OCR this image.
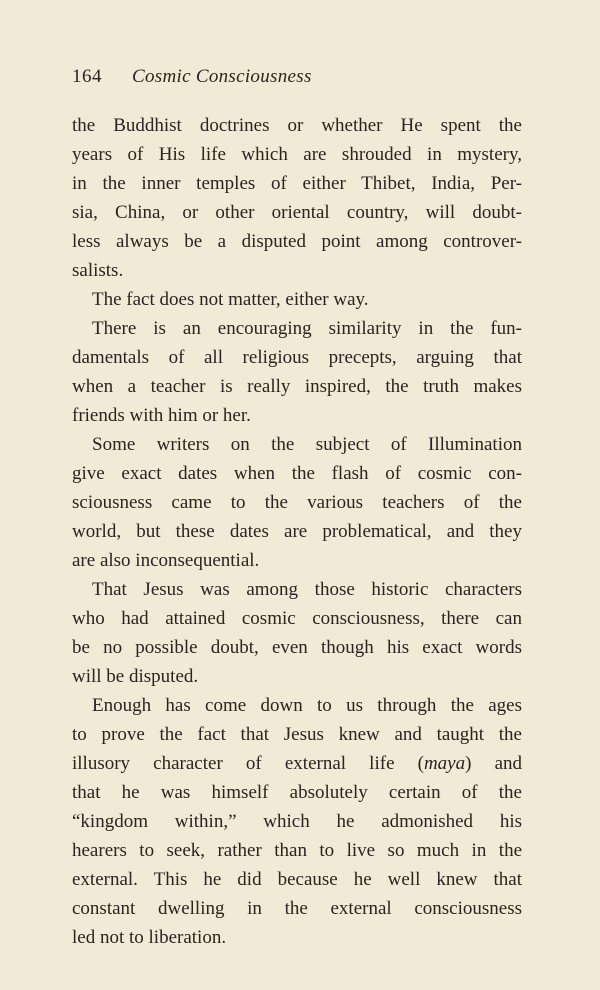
164 Cosmic Consciousness
the Buddhist doctrines or whether He spent the
years of His life which are shrouded in mystery,
in the inner temples of either Thibet, India, Per-
sia, China, or other oriental country, will doubt-
less always be a disputed point among controver-
salists.
The fact does not matter, either way.
There is an encouraging similarity in the fun-
damentals of all religious precepts, arguing that
when a teacher is really inspired, the truth makes
friends with him or her.
Some writers on the subject of Illumination
give exact dates when the flash of cosmic con-
sciousness came to the various teachers of the
world, but these dates are problematical, and they
are also inconsequential.
That Jesus was among those historic characters
who had attained cosmic consciousness, there can
be no possible doubt, even though his exact words
will be disputed.
Enough has come down to us through the ages
to prove the fact that Jesus knew and taught the
illusory character of external life (maya) and
that he was himself absolutely certain of the
“kingdom within,” which he admonished his
hearers to seek, rather than to live so much in the
external. This he did because he well knew that
constant dwelling in the external consciousness
led not to liberation.
